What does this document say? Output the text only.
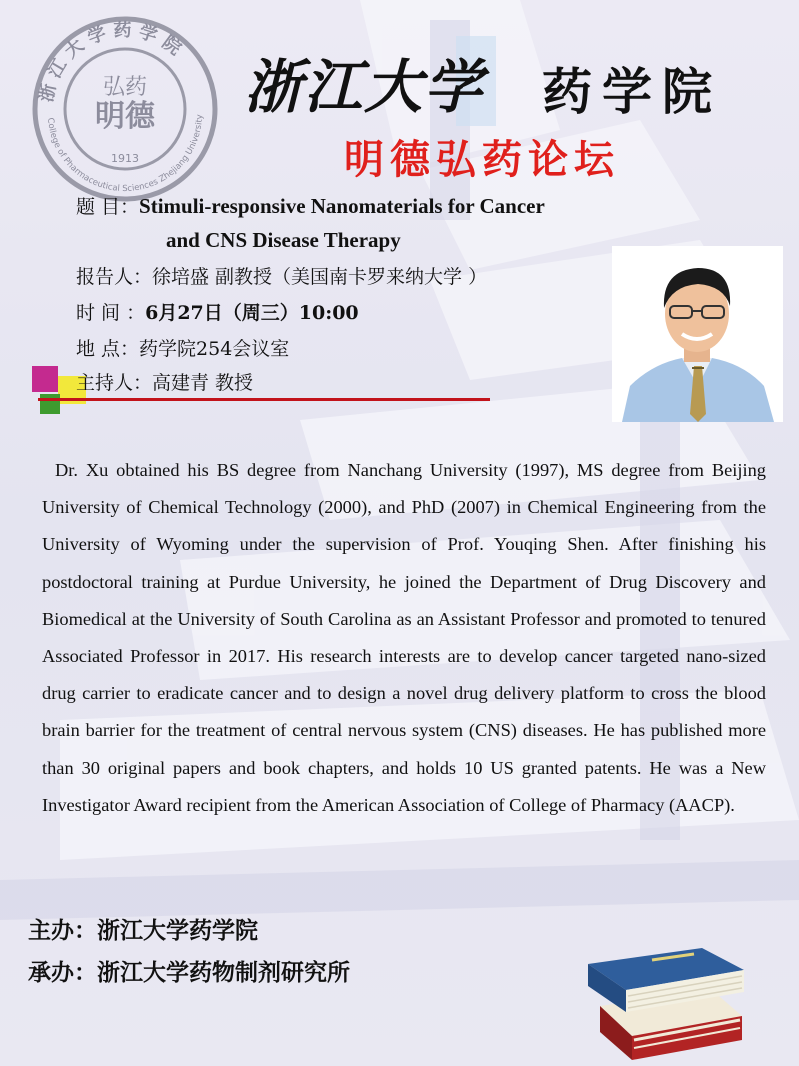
浙 江 大 学 药 学 院
明德
弘药
1913
College of Pharmaceutical Sciences Zhejiang University 浙江大学 药学院
明德弘药论坛
题 目：Stimuli-responsive Nanomaterials for Cancer
and CNS Disease Therapy
报告人：徐培盛 副教授（美国南卡罗来纳大学 ）
时 间 ：6月27日（周三）10:00
地 点：药学院254会议室
主持人：高建青 教授
Dr. Xu obtained his BS degree from Nanchang University (1997), MS degree from Beijing University of Chemical Technology (2000), and PhD (2007) in Chemical Engineering from the University of Wyoming under the supervision of Prof. Youqing Shen. After finishing his postdoctoral training at Purdue University, he joined the Department of Drug Discovery and Biomedical at the University of South Carolina as an Assistant Professor and promoted to tenured Associated Professor in 2017. His research interests are to develop cancer targeted nano-sized drug carrier to eradicate cancer and to design a novel drug delivery platform to cross the blood brain barrier for the treatment of central nervous system (CNS) diseases. He has published more than 30 original papers and book chapters, and holds 10 US granted patents. He was a New Investigator Award recipient from the American Association of College of Pharmacy (AACP).
主办：浙江大学药学院
承办：浙江大学药物制剂研究所
